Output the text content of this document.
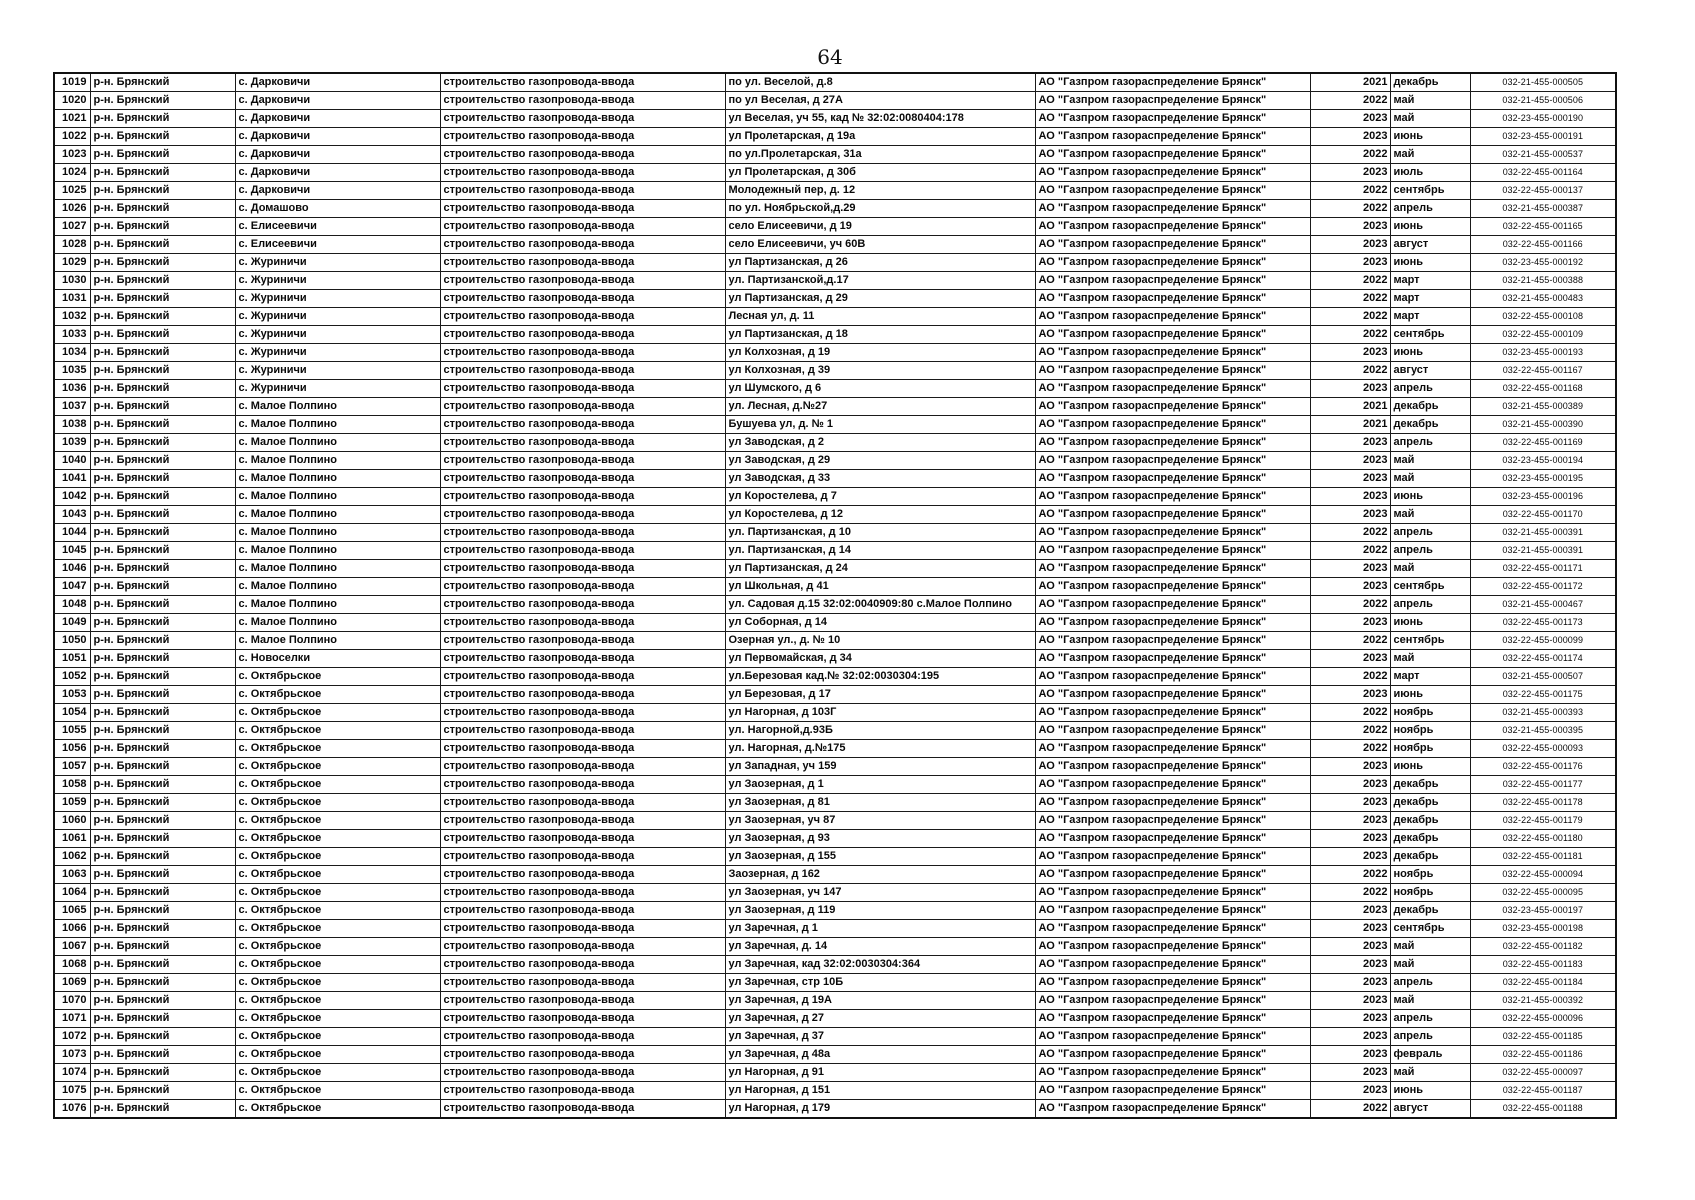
64
1019	р-н. Брянский	с. Дарковичи	строительство газопровода-ввода	по ул. Веселой, д.8	АО "Газпром газораспределение Брянск"	2021	декабрь	032-21-455-000505
1020	р-н. Брянский	с. Дарковичи	строительство газопровода-ввода	по ул Веселая, д 27А	АО "Газпром газораспределение Брянск"	2022	май	032-21-455-000506
1021	р-н. Брянский	с. Дарковичи	строительство газопровода-ввода	ул Веселая, уч 55, кад № 32:02:0080404:178	АО "Газпром газораспределение Брянск"	2023	май	032-23-455-000190
1022	р-н. Брянский	с. Дарковичи	строительство газопровода-ввода	ул Пролетарская, д 19а	АО "Газпром газораспределение Брянск"	2023	июнь	032-23-455-000191
1023	р-н. Брянский	с. Дарковичи	строительство газопровода-ввода	по ул.Пролетарская, 31а	АО "Газпром газораспределение Брянск"	2022	май	032-21-455-000537
1024	р-н. Брянский	с. Дарковичи	строительство газопровода-ввода	ул Пролетарская, д 30б	АО "Газпром газораспределение Брянск"	2023	июль	032-22-455-001164
1025	р-н. Брянский	с. Дарковичи	строительство газопровода-ввода	Молодежный пер, д. 12	АО "Газпром газораспределение Брянск"	2022	сентябрь	032-22-455-000137
1026	р-н. Брянский	с. Домашово	строительство газопровода-ввода	по ул. Ноябрьской,д.29	АО "Газпром газораспределение Брянск"	2022	апрель	032-21-455-000387
1027	р-н. Брянский	с. Елисеевичи	строительство газопровода-ввода	село Елисеевичи, д 19	АО "Газпром газораспределение Брянск"	2023	июнь	032-22-455-001165
1028	р-н. Брянский	с. Елисеевичи	строительство газопровода-ввода	село Елисеевичи, уч 60В	АО "Газпром газораспределение Брянск"	2023	август	032-22-455-001166
1029	р-н. Брянский	с. Журиничи	строительство газопровода-ввода	ул Партизанская, д 26	АО "Газпром газораспределение Брянск"	2023	июнь	032-23-455-000192
1030	р-н. Брянский	с. Журиничи	строительство газопровода-ввода	ул. Партизанской,д.17	АО "Газпром газораспределение Брянск"	2022	март	032-21-455-000388
1031	р-н. Брянский	с. Журиничи	строительство газопровода-ввода	ул Партизанская, д 29	АО "Газпром газораспределение Брянск"	2022	март	032-21-455-000483
1032	р-н. Брянский	с. Журиничи	строительство газопровода-ввода	Лесная ул, д. 11	АО "Газпром газораспределение Брянск"	2022	март	032-22-455-000108
1033	р-н. Брянский	с. Журиничи	строительство газопровода-ввода	ул Партизанская, д 18	АО "Газпром газораспределение Брянск"	2022	сентябрь	032-22-455-000109
1034	р-н. Брянский	с. Журиничи	строительство газопровода-ввода	ул Колхозная, д 19	АО "Газпром газораспределение Брянск"	2023	июнь	032-23-455-000193
1035	р-н. Брянский	с. Журиничи	строительство газопровода-ввода	ул Колхозная, д 39	АО "Газпром газораспределение Брянск"	2022	август	032-22-455-001167
1036	р-н. Брянский	с. Журиничи	строительство газопровода-ввода	ул Шумского, д 6	АО "Газпром газораспределение Брянск"	2023	апрель	032-22-455-001168
1037	р-н. Брянский	с. Малое Полпино	строительство газопровода-ввода	ул. Лесная, д.№27	АО "Газпром газораспределение Брянск"	2021	декабрь	032-21-455-000389
1038	р-н. Брянский	с. Малое Полпино	строительство газопровода-ввода	Бушуева ул, д. № 1	АО "Газпром газораспределение Брянск"	2021	декабрь	032-21-455-000390
1039	р-н. Брянский	с. Малое Полпино	строительство газопровода-ввода	ул Заводская, д 2	АО "Газпром газораспределение Брянск"	2023	апрель	032-22-455-001169
1040	р-н. Брянский	с. Малое Полпино	строительство газопровода-ввода	ул Заводская, д 29	АО "Газпром газораспределение Брянск"	2023	май	032-23-455-000194
1041	р-н. Брянский	с. Малое Полпино	строительство газопровода-ввода	ул Заводская, д 33	АО "Газпром газораспределение Брянск"	2023	май	032-23-455-000195
1042	р-н. Брянский	с. Малое Полпино	строительство газопровода-ввода	ул Коростелева, д 7	АО "Газпром газораспределение Брянск"	2023	июнь	032-23-455-000196
1043	р-н. Брянский	с. Малое Полпино	строительство газопровода-ввода	ул Коростелева, д 12	АО "Газпром газораспределение Брянск"	2023	май	032-22-455-001170
1044	р-н. Брянский	с. Малое Полпино	строительство газопровода-ввода	ул. Партизанская, д 10	АО "Газпром газораспределение Брянск"	2022	апрель	032-21-455-000391
1045	р-н. Брянский	с. Малое Полпино	строительство газопровода-ввода	ул. Партизанская, д 14	АО "Газпром газораспределение Брянск"	2022	апрель	032-21-455-000391
1046	р-н. Брянский	с. Малое Полпино	строительство газопровода-ввода	ул Партизанская, д 24	АО "Газпром газораспределение Брянск"	2023	май	032-22-455-001171
1047	р-н. Брянский	с. Малое Полпино	строительство газопровода-ввода	ул Школьная, д 41	АО "Газпром газораспределение Брянск"	2023	сентябрь	032-22-455-001172
1048	р-н. Брянский	с. Малое Полпино	строительство газопровода-ввода	ул. Садовая д.15 32:02:0040909:80 с.Малое Полпино	АО "Газпром газораспределение Брянск"	2022	апрель	032-21-455-000467
1049	р-н. Брянский	с. Малое Полпино	строительство газопровода-ввода	ул Соборная, д 14	АО "Газпром газораспределение Брянск"	2023	июнь	032-22-455-001173
1050	р-н. Брянский	с. Малое Полпино	строительство газопровода-ввода	Озерная ул., д. № 10	АО "Газпром газораспределение Брянск"	2022	сентябрь	032-22-455-000099
1051	р-н. Брянский	с. Новоселки	строительство газопровода-ввода	ул Первомайская, д 34	АО "Газпром газораспределение Брянск"	2023	май	032-22-455-001174
1052	р-н. Брянский	с. Октябрьское	строительство газопровода-ввода	ул.Березовая кад.№ 32:02:0030304:195	АО "Газпром газораспределение Брянск"	2022	март	032-21-455-000507
1053	р-н. Брянский	с. Октябрьское	строительство газопровода-ввода	ул Березовая, д 17	АО "Газпром газораспределение Брянск"	2023	июнь	032-22-455-001175
1054	р-н. Брянский	с. Октябрьское	строительство газопровода-ввода	ул Нагорная, д 103Г	АО "Газпром газораспределение Брянск"	2022	ноябрь	032-21-455-000393
1055	р-н. Брянский	с. Октябрьское	строительство газопровода-ввода	ул. Нагорной,д.93Б	АО "Газпром газораспределение Брянск"	2022	ноябрь	032-21-455-000395
1056	р-н. Брянский	с. Октябрьское	строительство газопровода-ввода	ул. Нагорная, д.№175	АО "Газпром газораспределение Брянск"	2022	ноябрь	032-22-455-000093
1057	р-н. Брянский	с. Октябрьское	строительство газопровода-ввода	ул Западная, уч 159	АО "Газпром газораспределение Брянск"	2023	июнь	032-22-455-001176
1058	р-н. Брянский	с. Октябрьское	строительство газопровода-ввода	ул Заозерная, д 1	АО "Газпром газораспределение Брянск"	2023	декабрь	032-22-455-001177
1059	р-н. Брянский	с. Октябрьское	строительство газопровода-ввода	ул Заозерная, д 81	АО "Газпром газораспределение Брянск"	2023	декабрь	032-22-455-001178
1060	р-н. Брянский	с. Октябрьское	строительство газопровода-ввода	ул Заозерная, уч 87	АО "Газпром газораспределение Брянск"	2023	декабрь	032-22-455-001179
1061	р-н. Брянский	с. Октябрьское	строительство газопровода-ввода	ул Заозерная, д 93	АО "Газпром газораспределение Брянск"	2023	декабрь	032-22-455-001180
1062	р-н. Брянский	с. Октябрьское	строительство газопровода-ввода	ул Заозерная, д 155	АО "Газпром газораспределение Брянск"	2023	декабрь	032-22-455-001181
1063	р-н. Брянский	с. Октябрьское	строительство газопровода-ввода	Заозерная, д 162	АО "Газпром газораспределение Брянск"	2022	ноябрь	032-22-455-000094
1064	р-н. Брянский	с. Октябрьское	строительство газопровода-ввода	ул Заозерная, уч 147	АО "Газпром газораспределение Брянск"	2022	ноябрь	032-22-455-000095
1065	р-н. Брянский	с. Октябрьское	строительство газопровода-ввода	ул Заозерная, д 119	АО "Газпром газораспределение Брянск"	2023	декабрь	032-23-455-000197
1066	р-н. Брянский	с. Октябрьское	строительство газопровода-ввода	ул Заречная, д 1	АО "Газпром газораспределение Брянск"	2023	сентябрь	032-23-455-000198
1067	р-н. Брянский	с. Октябрьское	строительство газопровода-ввода	ул Заречная, д. 14	АО "Газпром газораспределение Брянск"	2023	май	032-22-455-001182
1068	р-н. Брянский	с. Октябрьское	строительство газопровода-ввода	ул Заречная, кад 32:02:0030304:364	АО "Газпром газораспределение Брянск"	2023	май	032-22-455-001183
1069	р-н. Брянский	с. Октябрьское	строительство газопровода-ввода	ул Заречная, стр 10Б	АО "Газпром газораспределение Брянск"	2023	апрель	032-22-455-001184
1070	р-н. Брянский	с. Октябрьское	строительство газопровода-ввода	ул Заречная, д 19А	АО "Газпром газораспределение Брянск"	2023	май	032-21-455-000392
1071	р-н. Брянский	с. Октябрьское	строительство газопровода-ввода	ул Заречная, д 27	АО "Газпром газораспределение Брянск"	2023	апрель	032-22-455-000096
1072	р-н. Брянский	с. Октябрьское	строительство газопровода-ввода	ул Заречная, д 37	АО "Газпром газораспределение Брянск"	2023	апрель	032-22-455-001185
1073	р-н. Брянский	с. Октябрьское	строительство газопровода-ввода	ул Заречная, д 48а	АО "Газпром газораспределение Брянск"	2023	февраль	032-22-455-001186
1074	р-н. Брянский	с. Октябрьское	строительство газопровода-ввода	ул Нагорная, д 91	АО "Газпром газораспределение Брянск"	2023	май	032-22-455-000097
1075	р-н. Брянский	с. Октябрьское	строительство газопровода-ввода	ул Нагорная, д 151	АО "Газпром газораспределение Брянск"	2023	июнь	032-22-455-001187
1076	р-н. Брянский	с. Октябрьское	строительство газопровода-ввода	ул Нагорная, д 179	АО "Газпром газораспределение Брянск"	2022	август	032-22-455-001188
